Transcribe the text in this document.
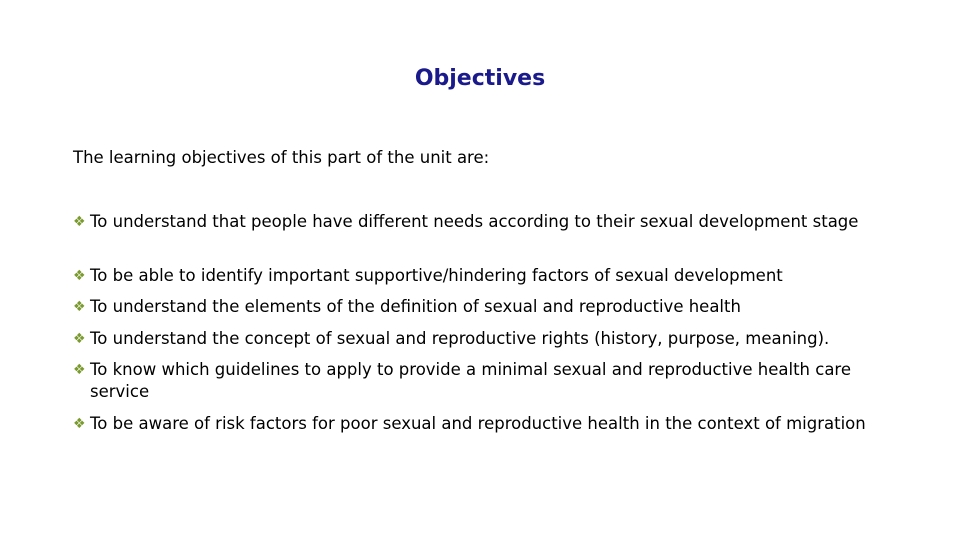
Objectives
The learning objectives of this part of the unit are:
❖ To understand that people have different needs according to their sexual development stage
❖ To be able to identify important supportive/hindering factors of sexual development
❖ To understand the elements of the definition of sexual and reproductive health
❖ To understand the concept of sexual and reproductive rights (history, purpose, meaning).
❖ To know which guidelines to apply to provide a minimal sexual and reproductive health care service
❖ To be aware of risk factors for poor sexual and reproductive health in the context of migration
